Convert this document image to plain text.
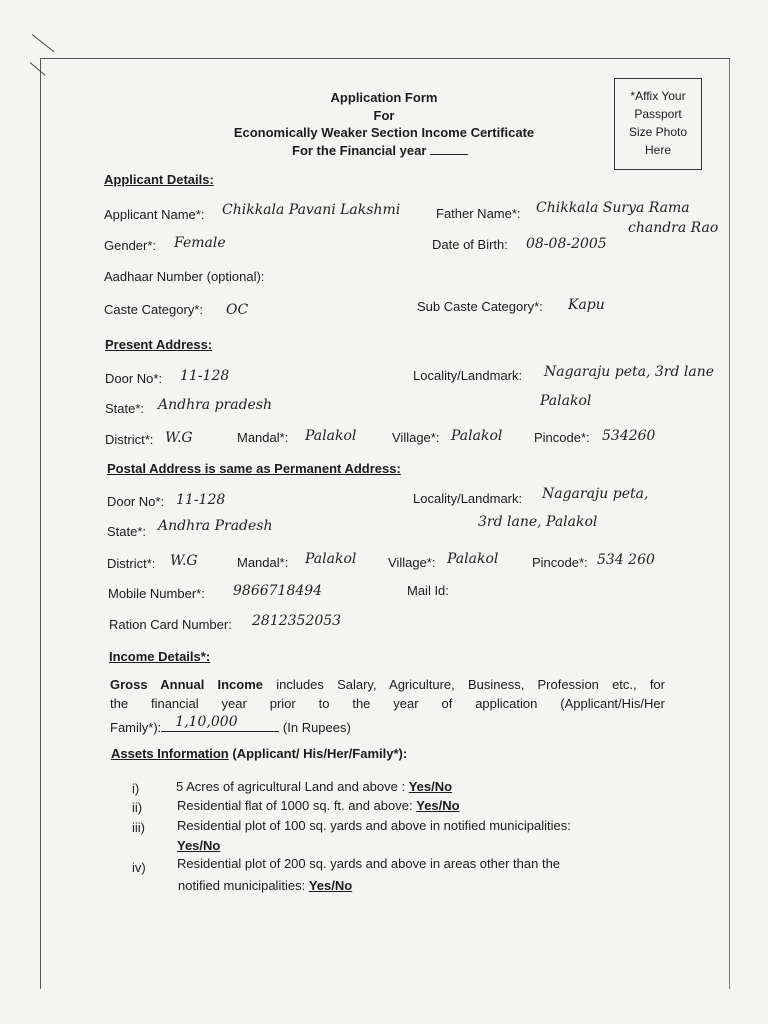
Application Form
For
Economically Weaker Section Income Certificate
For the Financial year
*Affix Your
Passport
Size Photo
Here
Applicant Details:
Applicant Name*: Chikkala Pavani Lakshmi	Father Name*: Chikkala Surya Rama
chandra Rao
Gender*: Female	Date of Birth: 08-08-2005
Aadhaar Number (optional):
Caste Category*: OC	Sub Caste Category*: Kapu
Present Address:
Door No*: 11-128	Locality/Landmark: Nagaraju peta, 3rd lane
Palakol
State*: Andhra pradesh
District*: W.G	Mandal*: Palakol	Village*: Palakol Pincode*: 534260
Postal Address is same as Permanent Address:
Door No*: 11-128	Locality/Landmark: Nagaraju peta,
3rd lane, Palakol
State*: Andhra Pradesh
District*: W.G	Mandal*: Palakol Village*: Palakol	Pincode*: 534 260
Mobile Number*: 9866718494	Mail Id:
Ration Card Number: 2812352053
Income Details*:
Gross Annual Income includes Salary, Agriculture, Business, Profession etc., for
the financial year prior to the year of application (Applicant/His/Her
Family*): 1,10,000	(In Rupees)
Assets Information (Applicant/ His/Her/Family*):
i)	5 Acres of agricultural Land and above : Yes/No
ii)	Residential flat of 1000 sq. ft. and above: Yes/No
iii) Residential plot of 100 sq. yards and above in notified municipalities:
Yes/No
iv) Residential plot of 200 sq. yards and above in areas other than the
notified municipalities: Yes/No
